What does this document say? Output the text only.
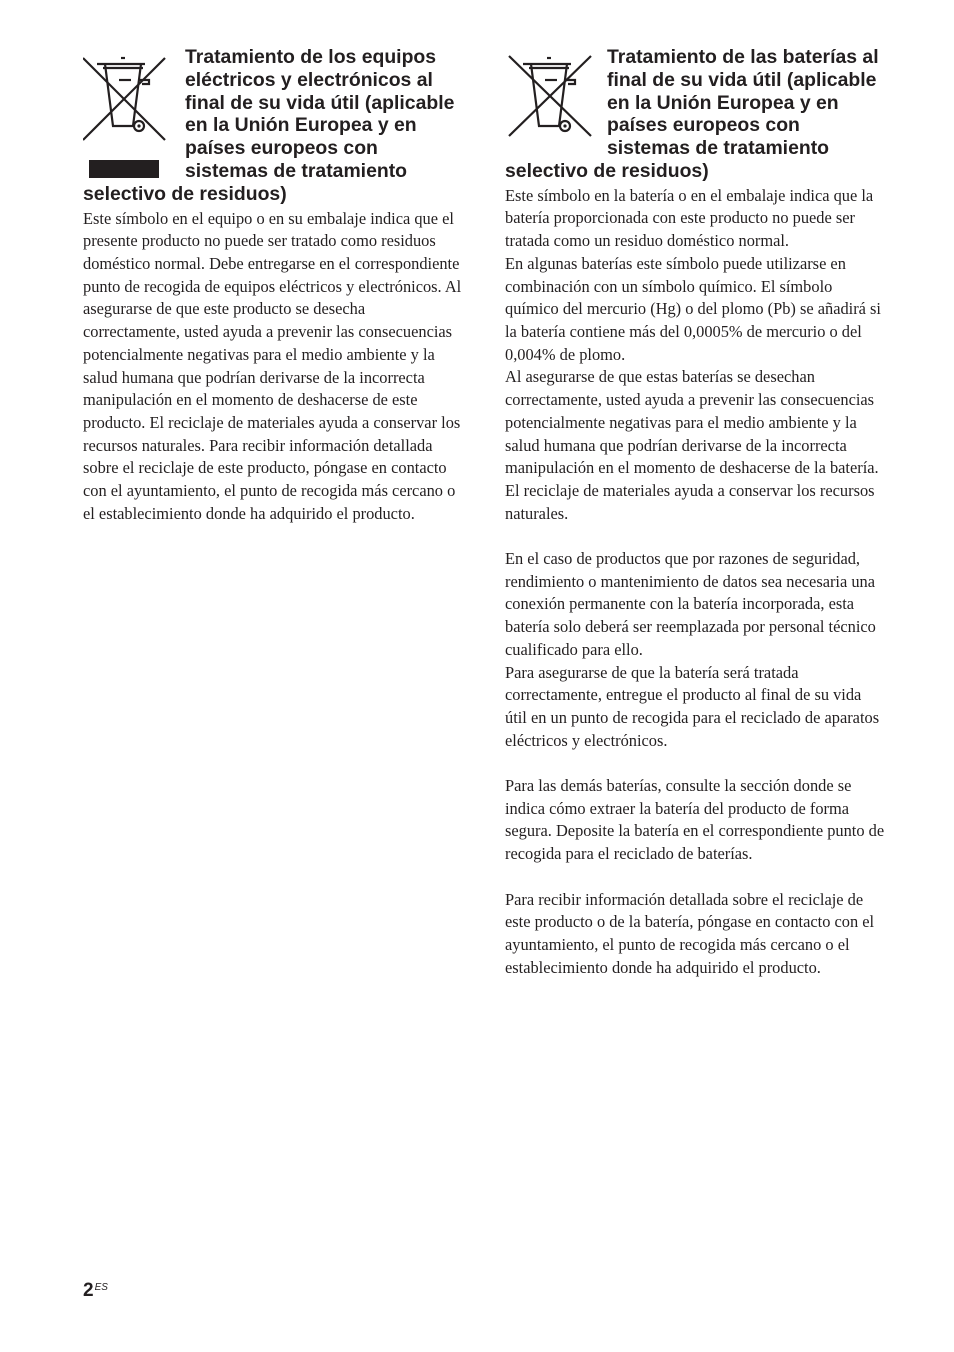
Tratamiento de los equipos eléctricos y electrónicos al final de su vida útil (aplicable en la Unión Europea y en países europeos con sistemas de tratamiento selectivo de residuos)

Este símbolo en el equipo o en su embalaje indica que el presente producto no puede ser tratado como residuos doméstico normal. Debe entregarse en el correspondiente punto de recogida de equipos eléctricos y electrónicos. Al asegurarse de que este producto se desecha correctamente, usted ayuda a prevenir las consecuencias potencialmente negativas para el medio ambiente y la salud humana que podrían derivarse de la incorrecta manipulación en el momento de deshacerse de este producto. El reciclaje de materiales ayuda a conservar los recursos naturales. Para recibir información detallada sobre el reciclaje de este producto, póngase en contacto con el ayuntamiento, el punto de recogida más cercano o el establecimiento donde ha adquirido el producto.

Tratamiento de las baterías al final de su vida útil (aplicable en la Unión Europea y en países europeos con sistemas de tratamiento selectivo de residuos)

Este símbolo en la batería o en el embalaje indica que la batería proporcionada con este producto no puede ser tratada como un residuo doméstico normal.

En algunas baterías este símbolo puede utilizarse en combinación con un símbolo químico. El símbolo químico del mercurio (Hg) o del plomo (Pb) se añadirá si la batería contiene más del 0,0005% de mercurio o del 0,004% de plomo.

Al asegurarse de que estas baterías se desechan correctamente, usted ayuda a prevenir las consecuencias potencialmente negativas para el medio ambiente y la salud humana que podrían derivarse de la incorrecta manipulación en el momento de deshacerse de la batería. El reciclaje de materiales ayuda a conservar los recursos naturales.

En el caso de productos que por razones de seguridad, rendimiento o mantenimiento de datos sea necesaria una conexión permanente con la batería incorporada, esta batería solo deberá ser reemplazada por personal técnico cualificado para ello.

Para asegurarse de que la batería será tratada correctamente, entregue el producto al final de su vida útil en un punto de recogida para el reciclado de aparatos eléctricos y electrónicos.

Para las demás baterías, consulte la sección donde se indica cómo extraer la batería del producto de forma segura. Deposite la batería en el correspondiente punto de recogida para el reciclado de baterías.

Para recibir información detallada sobre el reciclaje de este producto o de la batería, póngase en contacto con el ayuntamiento, el punto de recogida más cercano o el establecimiento donde ha adquirido el producto.

$2^{ES}$
